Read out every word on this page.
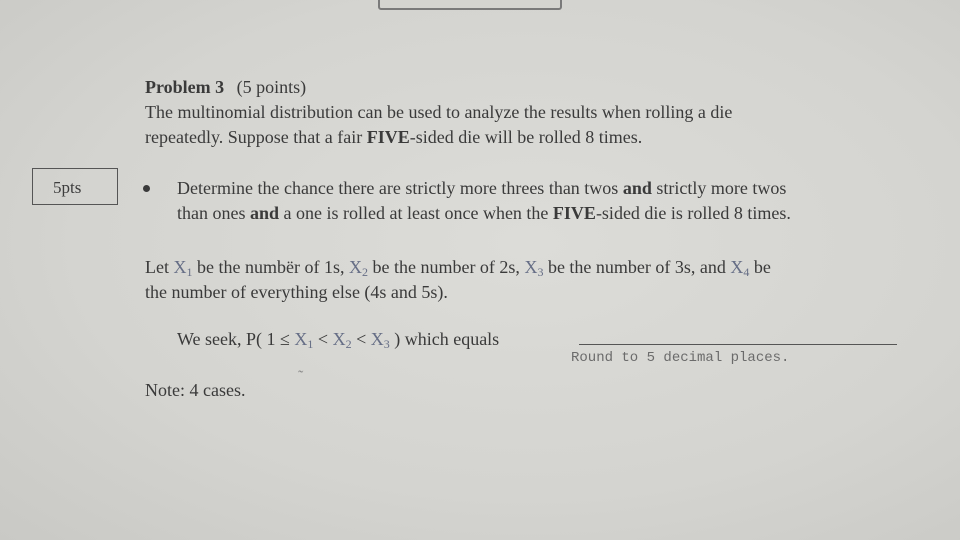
Problem 3 (5 points)
The multinomial distribution can be used to analyze the results when rolling a die
repeatedly. Suppose that a fair FIVE-sided die will be rolled 8 times.
5pts	Determine the chance there are strictly more threes than twos and strictly more twos
than ones and a one is rolled at least once when the FIVE-sided die is rolled 8 times.
Let $X_1$ be the numbër of 1s, $X_2$ be the number of 2s, $X_3$ be the number of 3s, and $X_4$ be
the number of everything else (4s and 5s).
We seek, P( $1 \le X_1 < X_2 < X_3$ ) which equals
Round to 5 decimal places.
Note: 4 cases.
˜
